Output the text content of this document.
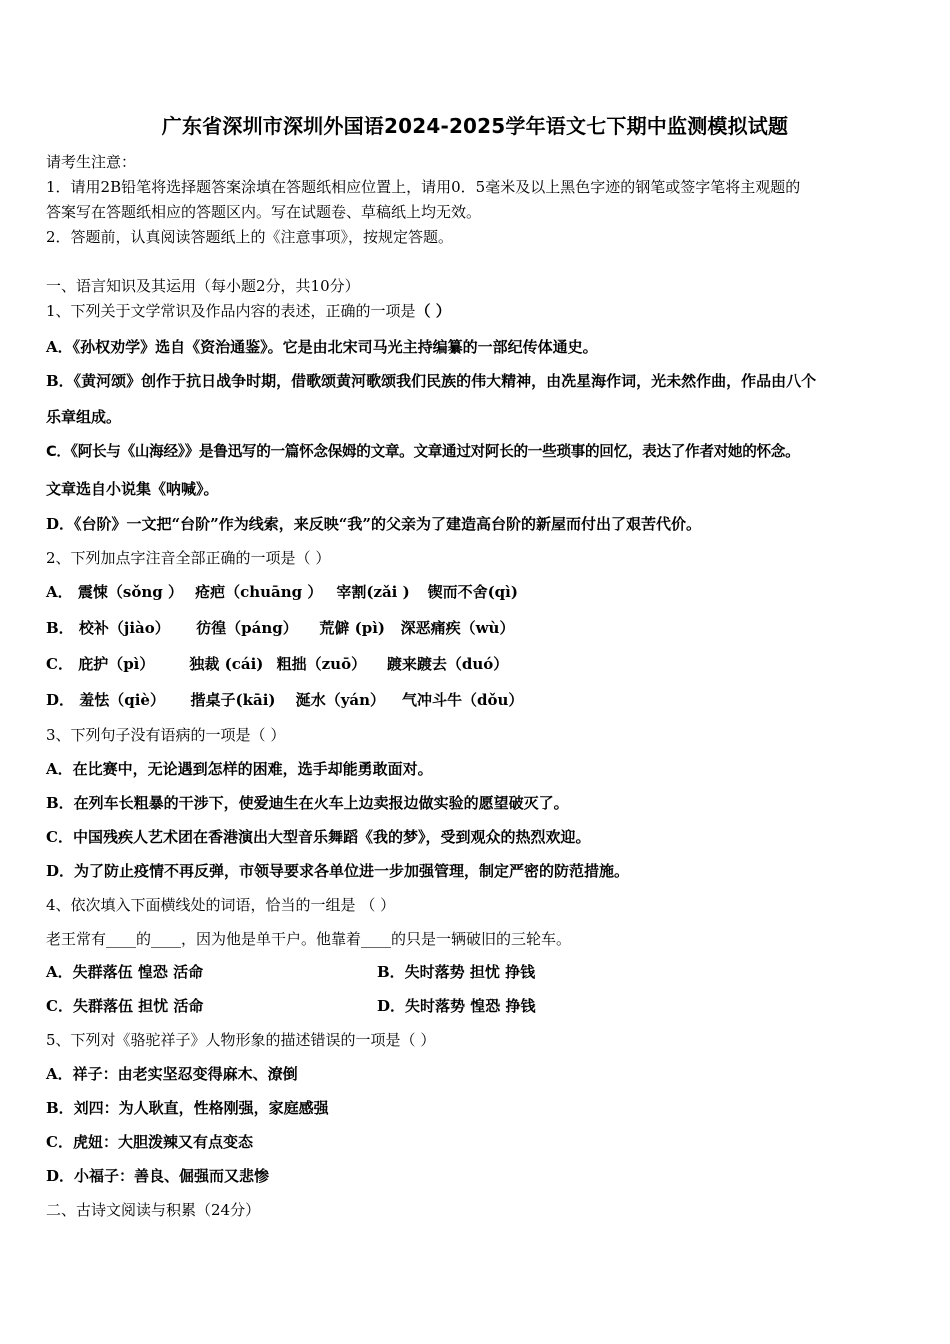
广东省深圳市深圳外国语2024-2025学年语文七下期中监测模拟试题
请考生注意：
1．请用2B铅笔将选择题答案涂填在答题纸相应位置上，请用0．5毫米及以上黑色字迹的钢笔或签字笔将主观题的
答案写在答题纸相应的答题区内。写在试题卷、草稿纸上均无效。
2．答题前，认真阅读答题纸上的《注意事项》，按规定答题。
一、语言知识及其运用（每小题2分，共10分）
1、下列关于文学常识及作品内容的表述，正确的一项是（ ）
A．《孙权劝学》选自《资治通鉴》。它是由北宋司马光主持编纂的一部纪传体通史。
B．《黄河颂》创作于抗日战争时期，借歌颂黄河歌颂我们民族的伟大精神，由冼星海作词，光未然作曲，作品由八个
乐章组成。
C．《阿长与《山海经》》是鲁迅写的一篇怀念保姆的文章。文章通过对阿长的一些琐事的回忆，表达了作者对她的怀念。
文章选自小说集《呐喊》。
D．《台阶》一文把“台阶”作为线索，来反映“我”的父亲为了建造高台阶的新屋而付出了艰苦代价。
2、下列加点字注音全部正确的一项是（ ）
A． 震悚（sǒng ） 疮疤（chuāng ） 宰割(zǎi ) 锲而不舍(qì)
B． 校补（jiào） 彷徨（páng） 荒僻 (pì) 深恶痛疾（wù）
C． 庇护（pì） 独裁 (cái) 粗拙（zuō） 踱来踱去（duó）
D． 羞怯（qiè） 揩桌子(kāi) 涎水（yán） 气冲斗牛（dǒu）
3、下列句子没有语病的一项是（ ）
A．在比赛中，无论遇到怎样的困难，选手却能勇敢面对。
B．在列车长粗暴的干涉下，使爱迪生在火车上边卖报边做实验的愿望破灭了。
C．中国残疾人艺术团在香港演出大型音乐舞蹈《我的梦》，受到观众的热烈欢迎。
D．为了防止疫情不再反弹，市领导要求各单位进一步加强管理，制定严密的防范措施。
4、依次填入下面横线处的词语，恰当的一组是 （ ）
老王常有____的____，因为他是单干户。他靠着____的只是一辆破旧的三轮车。
A．失群落伍 惶恐 活命	B．失时落势 担忧 挣钱
C．失群落伍 担忧 活命	D．失时落势 惶恐 挣钱
5、下列对《骆驼祥子》人物形象的描述错误的一项是（ ）
A．祥子：由老实坚忍变得麻木、潦倒
B．刘四：为人耿直，性格刚强，家庭感强
C．虎妞：大胆泼辣又有点变态
D．小福子：善良、倔强而又悲惨
二、古诗文阅读与积累（24分）
